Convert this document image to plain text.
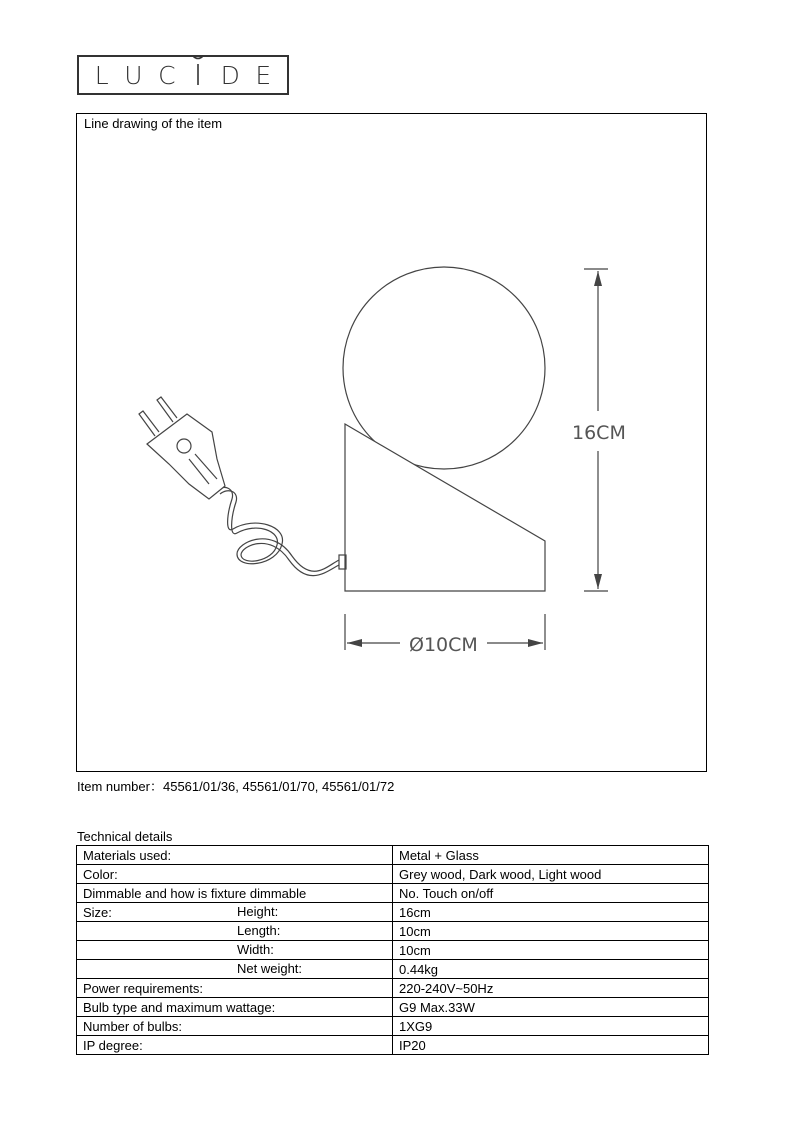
L U C D E
Line drawing of the item
16CM
Ø10CM
Item number：45561/01/36, 45561/01/70, 45561/01/72
Technical details
Materials used:	Metal + Glass
Color:	Grey wood, Dark wood, Light wood
Dimmable and how is fixture dimmable	No. Touch on/off
Size: Height:	16cm

Length:	10cm

Width:	10cm

Net weight:	0.44kg
Power requirements:	220-240V~50Hz
Bulb type and maximum wattage:	G9 Max.33W
Number of bulbs:	1XG9
IP degree:	IP20
